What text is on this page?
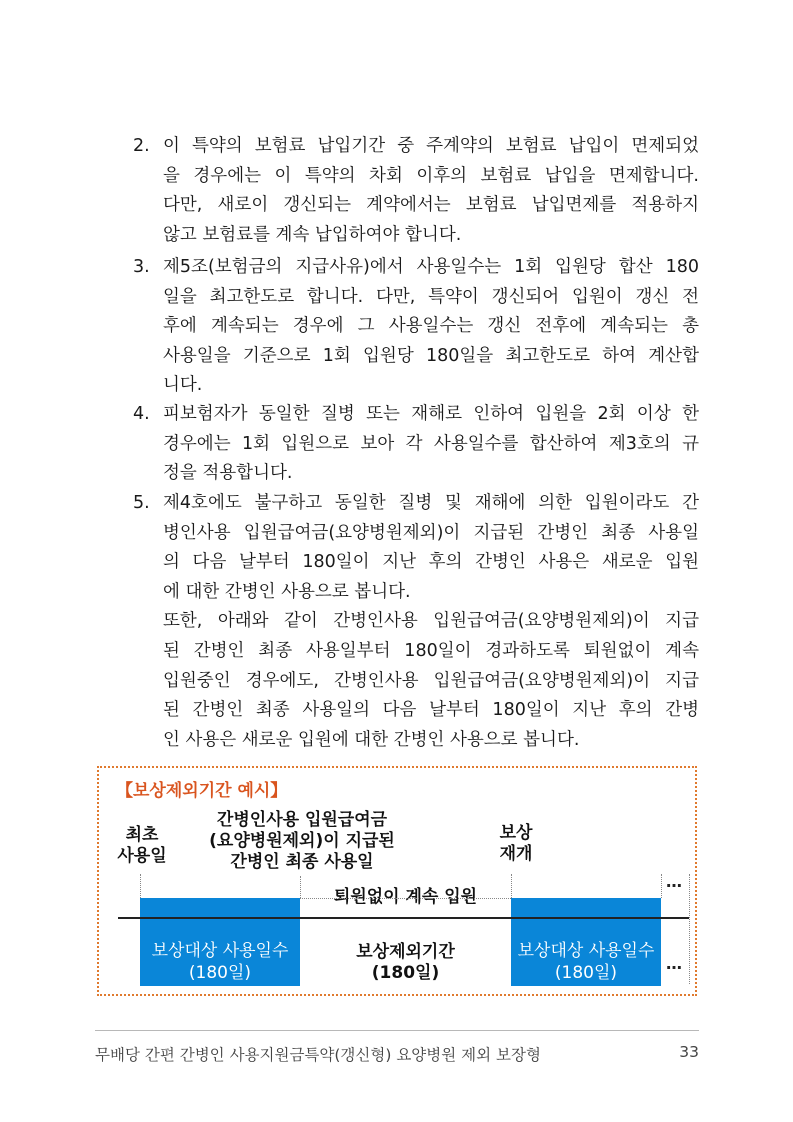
2. 이 특약의 보험료 납입기간 중 주계약의 보험료 납입이 면제되었
을 경우에는 이 특약의 차회 이후의 보험료 납입을 면제합니다.
다만, 새로이 갱신되는 계약에서는 보험료 납입면제를 적용하지
않고 보험료를 계속 납입하여야 합니다.
3. 제5조(보험금의 지급사유)에서 사용일수는 1회 입원당 합산 180
일을 최고한도로 합니다. 다만, 특약이 갱신되어 입원이 갱신 전
후에 계속되는 경우에 그 사용일수는 갱신 전후에 계속되는 총
사용일을 기준으로 1회 입원당 180일을 최고한도로 하여 계산합
니다.
4. 피보험자가 동일한 질병 또는 재해로 인하여 입원을 2회 이상 한
경우에는 1회 입원으로 보아 각 사용일수를 합산하여 제3호의 규
정을 적용합니다.
5. 제4호에도 불구하고 동일한 질병 및 재해에 의한 입원이라도 간
병인사용 입원급여금(요양병원제외)이 지급된 간병인 최종 사용일
의 다음 날부터 180일이 지난 후의 간병인 사용은 새로운 입원
에 대한 간병인 사용으로 봅니다.
또한, 아래와 같이 간병인사용 입원급여금(요양병원제외)이 지급
된 간병인 최종 사용일부터 180일이 경과하도록 퇴원없이 계속
입원중인 경우에도, 간병인사용 입원급여금(요양병원제외)이 지급
된 간병인 최종 사용일의 다음 날부터 180일이 지난 후의 간병
인 사용은 새로운 입원에 대한 간병인 사용으로 봅니다.
【보상제외기간 예시】
최초
사용일
간병인사용 입원급여금
(요양병원제외)이 지급된
간병인 최종 사용일
보상
재개
퇴원없이 계속 입원
…
보상대상 사용일수
(180일)
보상대상 사용일수
(180일)
보상제외기간
(180일)	…
무배당 간편 간병인 사용지원금특약(갱신형) 요양병원 제외 보장형	33
